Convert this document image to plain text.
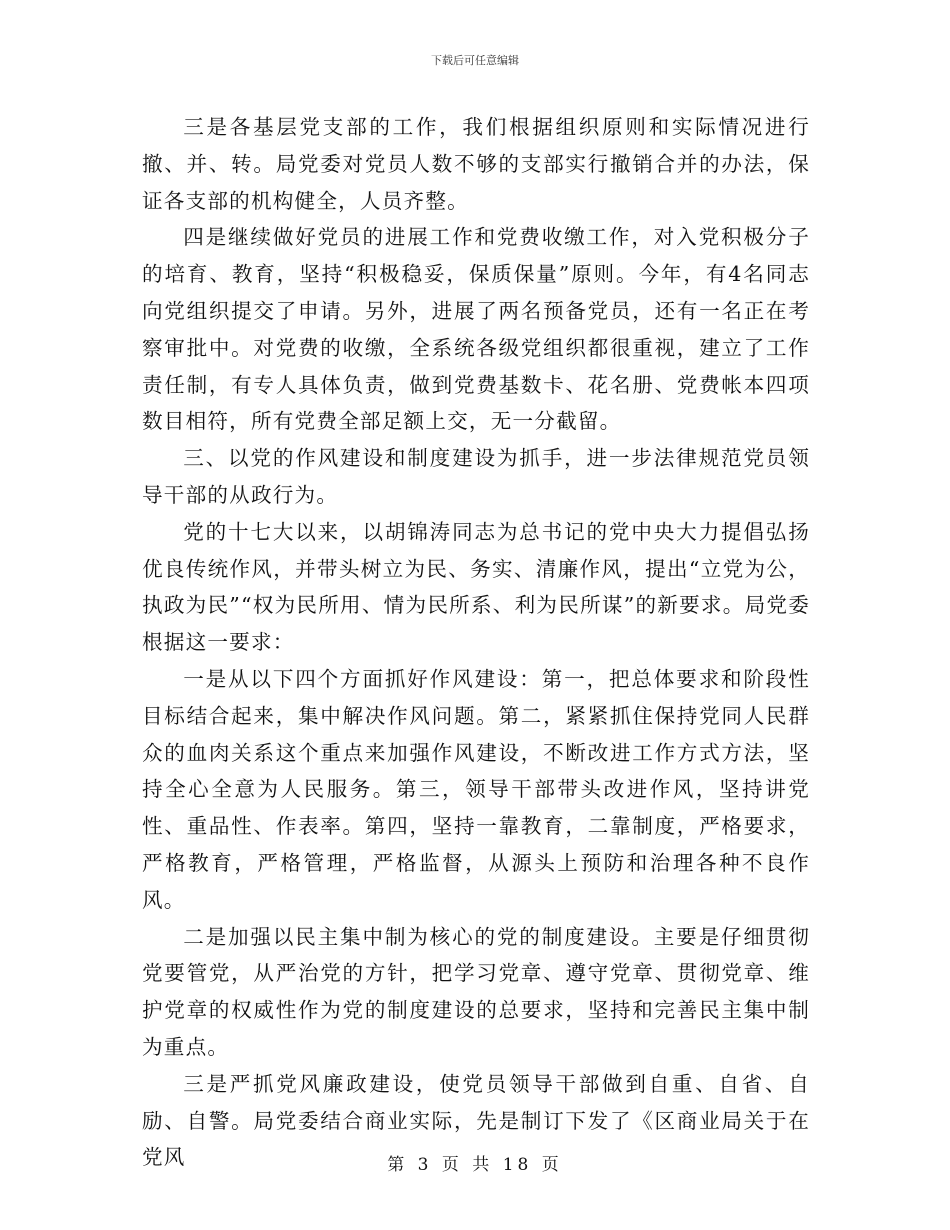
下载后可任意编辑

三是各基层党支部的工作，我们根据组织原则和实际情况进行撤、并、转。局党委对党员人数不够的支部实行撤销合并的办法，保证各支部的机构健全，人员齐整。

四是继续做好党员的进展工作和党费收缴工作，对入党积极分子的培育、教育，坚持“积极稳妥，保质保量”原则。今年，有4名同志向党组织提交了申请。另外，进展了两名预备党员，还有一名正在考察审批中。对党费的收缴，全系统各级党组织都很重视，建立了工作责任制，有专人具体负责，做到党费基数卡、花名册、党费帐本四项数目相符，所有党费全部足额上交，无一分截留。

三、以党的作风建设和制度建设为抓手，进一步法律规范党员领导干部的从政行为。

党的十七大以来，以胡锦涛同志为总书记的党中央大力提倡弘扬优良传统作风，并带头树立为民、务实、清廉作风，提出“立党为公，执政为民”“权为民所用、情为民所系、利为民所谋”的新要求。局党委根据这一要求：

一是从以下四个方面抓好作风建设：第一，把总体要求和阶段性目标结合起来，集中解决作风问题。第二，紧紧抓住保持党同人民群众的血肉关系这个重点来加强作风建设，不断改进工作方式方法，坚持全心全意为人民服务。第三，领导干部带头改进作风，坚持讲党性、重品性、作表率。第四，坚持一靠教育，二靠制度，严格要求，严格教育，严格管理，严格监督，从源头上预防和治理各种不良作风。

二是加强以民主集中制为核心的党的制度建设。主要是仔细贯彻党要管党，从严治党的方针，把学习党章、遵守党章、贯彻党章、维护党章的权威性作为党的制度建设的总要求，坚持和完善民主集中制为重点。

三是严抓党风廉政建设，使党员领导干部做到自重、自省、自励、自警。局党委结合商业实际，先是制订下发了《区商业局关于在党风	第 3 页 共 18 页
